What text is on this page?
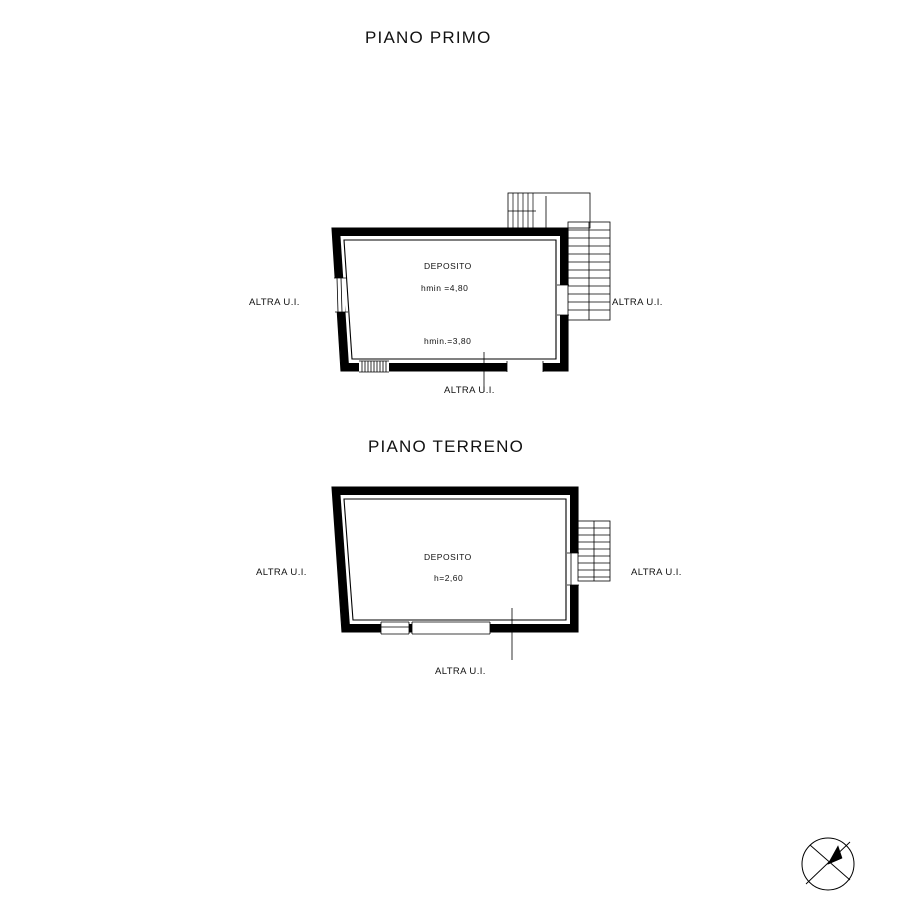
PIANO PRIMO
DEPOSITO
hmin =4,80
hmin.=3,80
ALTRA U.I.	ALTRA U.I.
ALTRA U.I.
PIANO TERRENO
DEPOSITO
h=2,60
ALTRA U.I.	ALTRA U.I.
ALTRA U.I.
